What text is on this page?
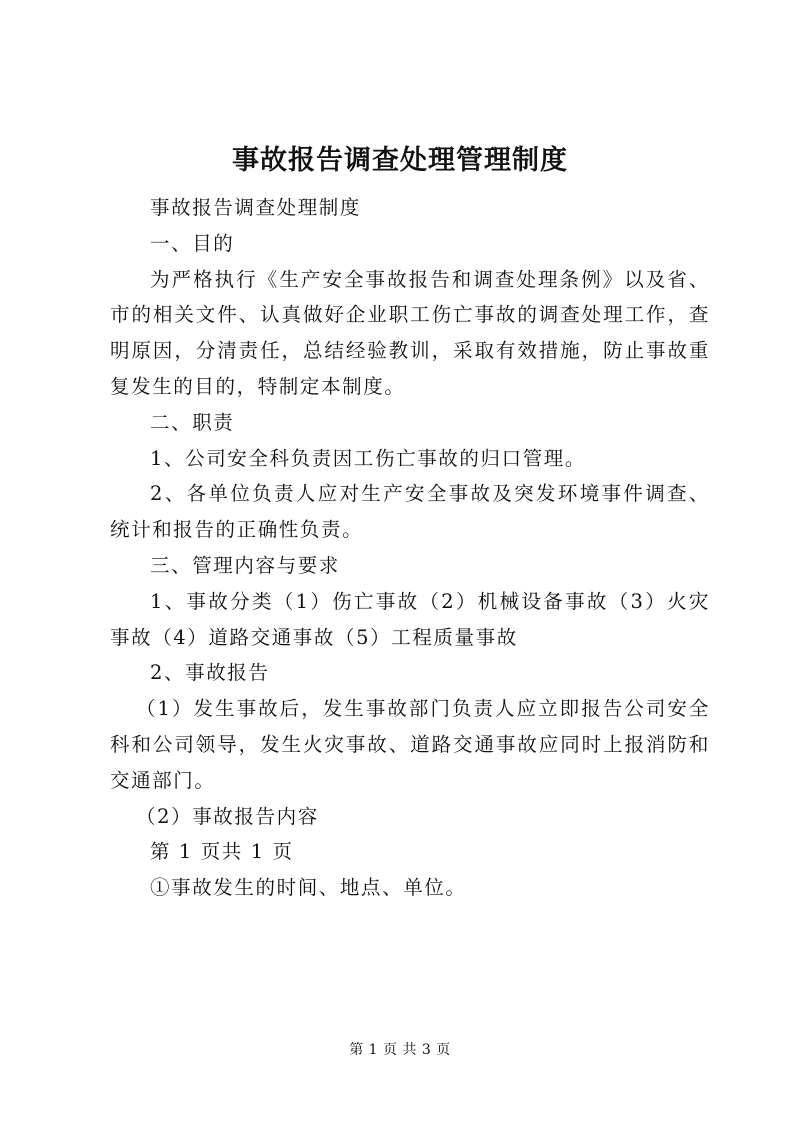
事故报告调查处理管理制度

事故报告调查处理制度

一、目的

为严格执行《生产安全事故报告和调查处理条例》以及省、市的相关文件、认真做好企业职工伤亡事故的调查处理工作，查明原因，分清责任，总结经验教训，采取有效措施，防止事故重复发生的目的，特制定本制度。

二、职责

1、公司安全科负责因工伤亡事故的归口管理。

2、各单位负责人应对生产安全事故及突发环境事件调查、统计和报告的正确性负责。

三、管理内容与要求

1、事故分类（1）伤亡事故（2）机械设备事故（3）火灾事故（4）道路交通事故（5）工程质量事故

2、事故报告

（1）发生事故后，发生事故部门负责人应立即报告公司安全科和公司领导，发生火灾事故、道路交通事故应同时上报消防和交通部门。

（2）事故报告内容

第 1 页共 1 页

①事故发生的时间、地点、单位。

第 1 页 共 3 页
